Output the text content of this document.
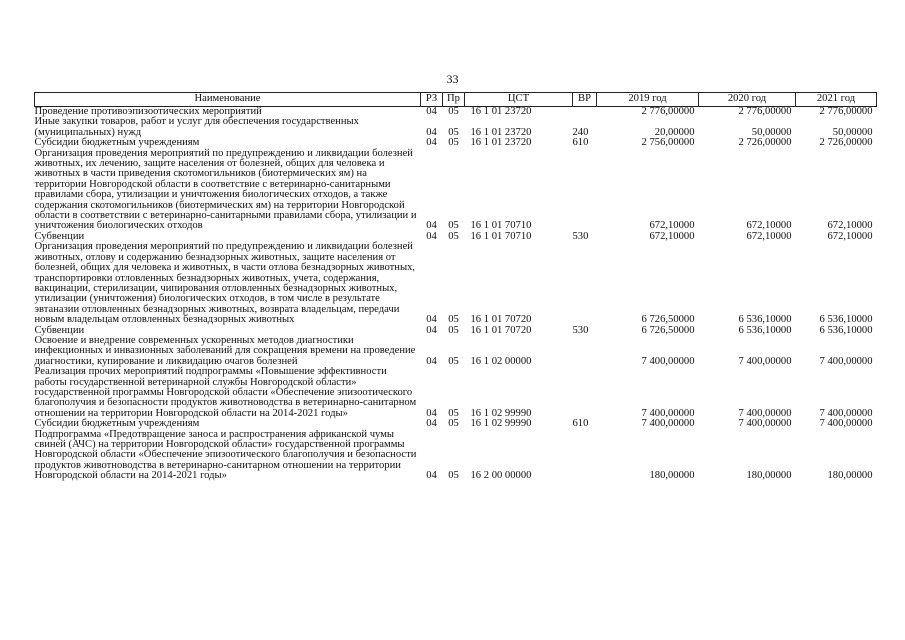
33
Наименование	РЗ	Пр	ЦСТ	ВР	2019 год	2020 год	2021 год
Проведение противоэпизоотических мероприятий	04	05	16 1 01 23720		2 776,00000	2 776,00000	2 776,00000
Иные закупки товаров, работ и услуг для обеспечения государственных (муниципальных) нужд	04	05	16 1 01 23720	240	20,00000	50,00000	50,00000
Субсидии бюджетным учреждениям	04	05	16 1 01 23720	610	2 756,00000	2 726,00000	2 726,00000
Организация проведения мероприятий по предупреждению и ликвидации болезней животных, их лечению, защите населения от болезней, общих для человека и животных в части приведения скотомогильников (биотермических ям) на территории Новгородской области в соответствие с ветеринарно-санитарными правилами сбора, утилизации и уничтожения биологических отходов, а также содержания скотомогильников (биотермических ям) на территории Новгородской области в соответствии с ветеринарно-санитарными правилами сбора, утилизации и уничтожения биологических отходов	04	05	16 1 01 70710		672,10000	672,10000	672,10000
Субвенции	04	05	16 1 01 70710	530	672,10000	672,10000	672,10000
Организация проведения мероприятий по предупреждению и ликвидации болезней животных, отлову и содержанию безнадзорных животных, защите населения от болезней, общих для человека и животных, в части отлова безнадзорных животных, транспортировки отловленных безнадзорных животных, учета, содержания, вакцинации, стерилизации, чипирования отловленных безнадзорных животных, утилизации (уничтожения) биологических отходов, в том числе в результате эвтаназии отловленных безнадзорных животных, возврата владельцам, передачи новым владельцам отловленных безнадзорных животных	04	05	16 1 01 70720		6 726,50000	6 536,10000	6 536,10000
Субвенции	04	05	16 1 01 70720	530	6 726,50000	6 536,10000	6 536,10000
Освоение и внедрение современных ускоренных методов диагностики инфекционных и инвазионных заболеваний для сокращения времени на проведение диагностики, купирование и ликвидацию очагов болезней	04	05	16 1 02 00000		7 400,00000	7 400,00000	7 400,00000
Реализация прочих мероприятий подпрограммы «Повышение эффективности работы государственной ветеринарной службы Новгородской области» государственной программы Новгородской области «Обеспечение эпизоотического благополучия и безопасности продуктов животноводства в ветеринарно-санитарном отношении на территории Новгородской области на 2014-2021 годы»	04	05	16 1 02 99990		7 400,00000	7 400,00000	7 400,00000
Субсидии бюджетным учреждениям	04	05	16 1 02 99990	610	7 400,00000	7 400,00000	7 400,00000
Подпрограмма «Предотвращение заноса и распространения африканской чумы свиней (АЧС) на территории Новгородской области» государственной программы Новгородской области «Обеспечение эпизоотического благополучия и безопасности продуктов животноводства в ветеринарно-санитарном отношении на территории Новгородской области на 2014-2021 годы»	04	05	16 2 00 00000		180,00000	180,00000	180,00000
